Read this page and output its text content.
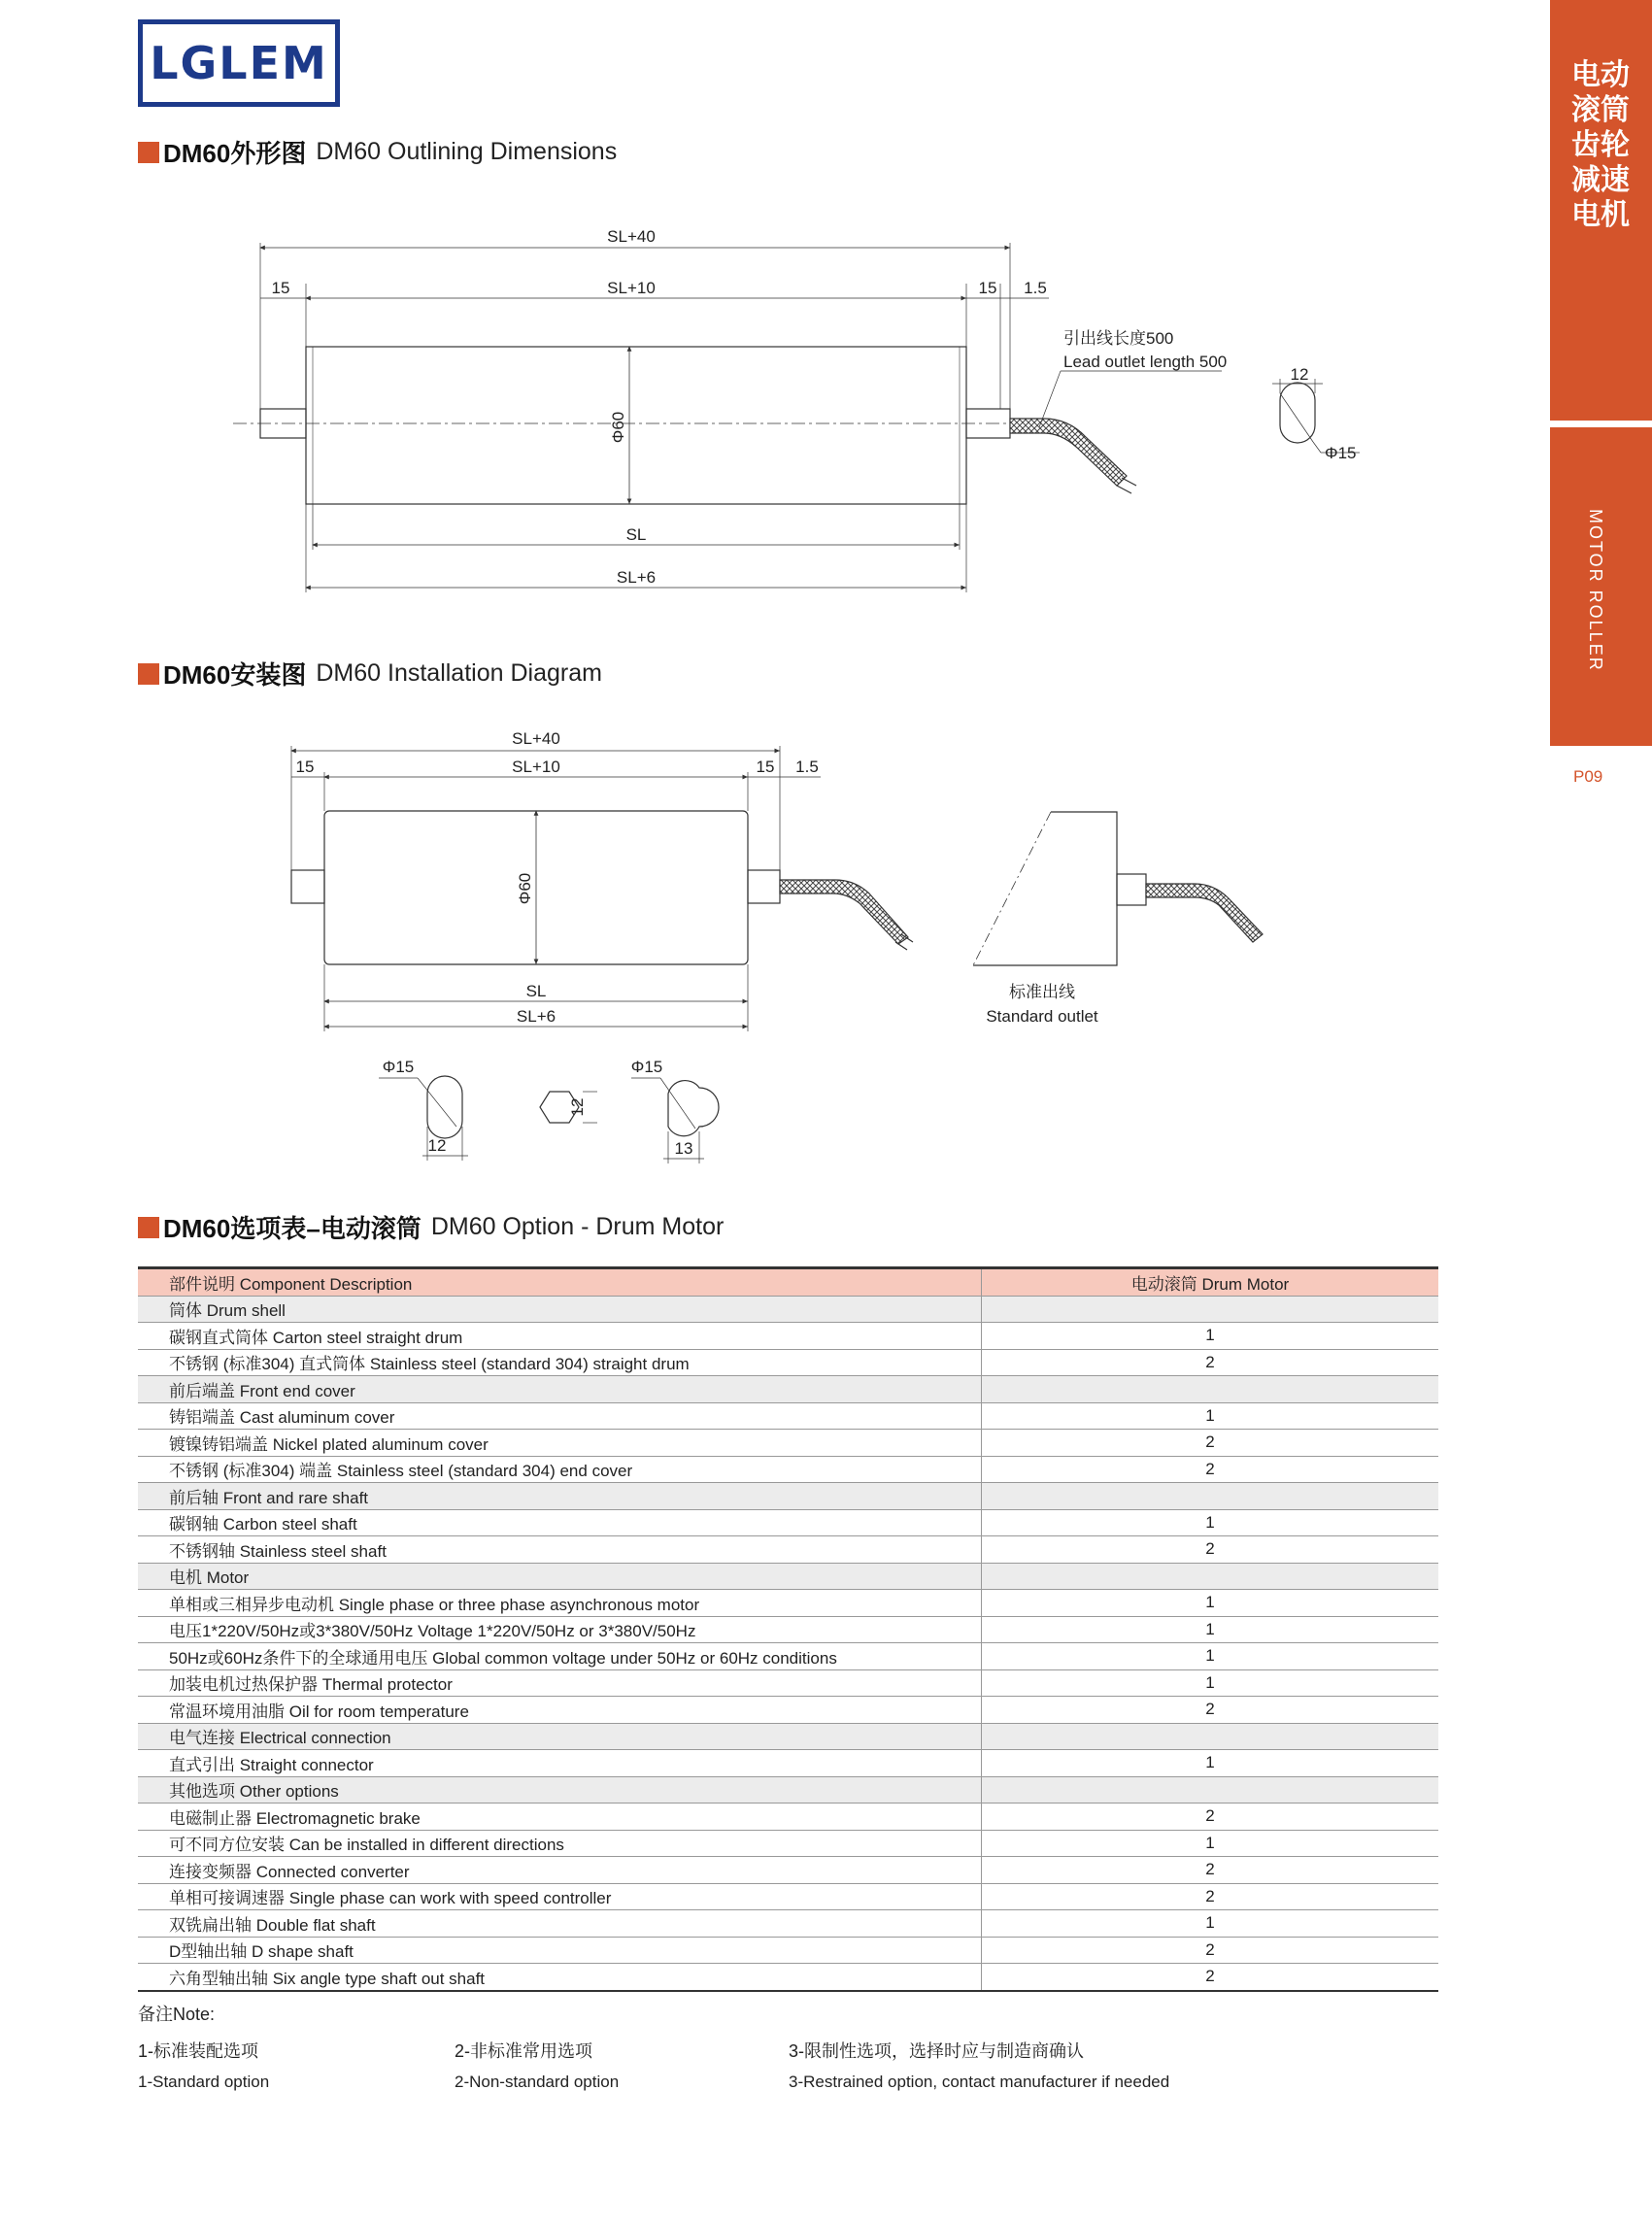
LGLEM	电动滚筒齿轮减速电机
MOTOR ROLLER
P09
DM60外形图 DM60 Outlining Dimensions
DM60安装图 DM60 Installation Diagram
DM60选项表–电动滚筒 DM60 Option - Drum Motor
SL+40
SL+10
15	15 1.5
引出线长度500
Lead outlet length 500
Φ60
SL
SL+6
12
Φ15
SL+40
SL+10
15	15 1.5
Φ60
SL
SL+6
标准出线
Standard outlet
Φ15
12
12
Φ15
13
部件说明 Component Description	电动滚筒 Drum Motor
筒体 Drum shell	
碳钢直式筒体 Carton steel straight drum	1
不锈钢 (标准304) 直式筒体 Stainless steel (standard 304) straight drum	2
前后端盖 Front end cover	
铸铝端盖 Cast aluminum cover	1
镀镍铸铝端盖 Nickel plated aluminum cover	2
不锈钢 (标准304) 端盖 Stainless steel (standard 304) end cover	2
前后轴 Front and rare shaft	
碳钢轴 Carbon steel shaft	1
不锈钢轴 Stainless steel shaft	2
电机 Motor	
单相或三相异步电动机 Single phase or three phase asynchronous motor	1
电压1*220V/50Hz或3*380V/50Hz Voltage 1*220V/50Hz or 3*380V/50Hz	1
50Hz或60Hz条件下的全球通用电压 Global common voltage under 50Hz or 60Hz conditions	1
加装电机过热保护器 Thermal protector	1
常温环境用油脂 Oil for room temperature	2
电气连接 Electrical connection	
直式引出 Straight connector	1
其他选项 Other options	
电磁制止器 Electromagnetic brake	2
可不同方位安装 Can be installed in different directions	1
连接变频器 Connected converter	2
单相可接调速器 Single phase can work with speed controller	2
双铣扁出轴 Double flat shaft	1
D型轴出轴 D shape shaft	2
六角型轴出轴 Six angle type shaft out shaft	2
备注Note:
1-标准装配选项	2-非标准常用选项	3-限制性选项，选择时应与制造商确认
1-Standard option	2-Non-standard option	3-Restrained option, contact manufacturer if needed
